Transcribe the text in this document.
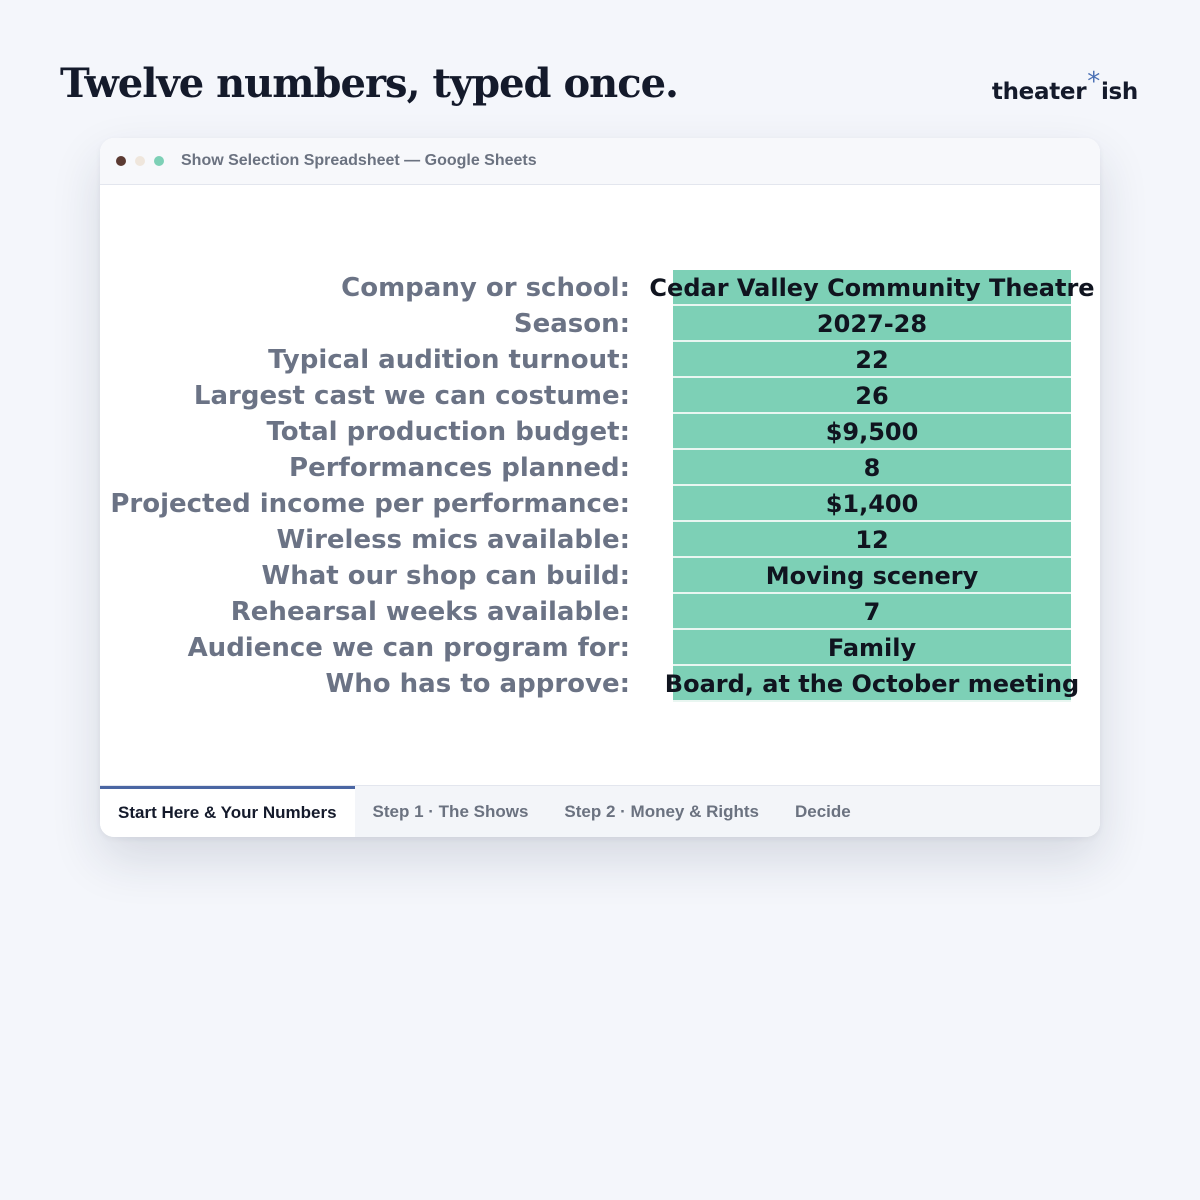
Twelve numbers, typed once.	theater*ish
Show Selection Spreadsheet — Google Sheets
Company or school: Cedar Valley Community Theatre
Season:	2027-28
Typical audition turnout:	22
Largest cast we can costume:	26
Total production budget:	$9,500
Performances planned:	8
Projected income per performance:	$1,400
Wireless mics available:	12
What our shop can build:	Moving scenery
Rehearsal weeks available:	7
Audience we can program for:	Family
Who has to approve: Board, at the October meeting
Start Here & Your Numbers	Step 1 · The Shows	Step 2 · Money & Rights	Decide
